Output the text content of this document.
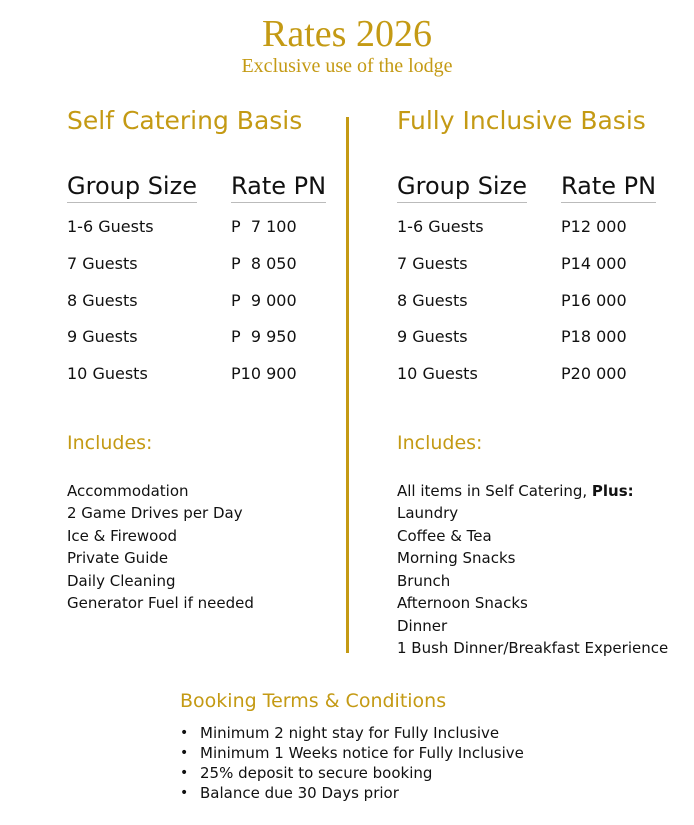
Rates 2026
Exclusive use of the lodge
Self Catering Basis
Group Size Rate PN
1-6 Guests	P  7 100
7 Guests	P  8 050
8 Guests	P  9 000
9 Guests	P  9 950
10 Guests	P10 900
Includes:
Accommodation
2 Game Drives per Day
Ice & Firewood
Private Guide
Daily Cleaning
Generator Fuel if needed
Fully Inclusive Basis
Group Size Rate PN
1-6 Guests	P12 000
7 Guests	P14 000
8 Guests	P16 000
9 Guests	P18 000
10 Guests	P20 000
Includes:
All items in Self Catering, Plus:
Laundry
Coffee & Tea
Morning Snacks
Brunch
Afternoon Snacks
Dinner
1 Bush Dinner/Breakfast Experience
Booking Terms & Conditions
• Minimum 2 night stay for Fully Inclusive
• Minimum 1 Weeks notice for Fully Inclusive
• 25% deposit to secure booking
• Balance due 30 Days prior
